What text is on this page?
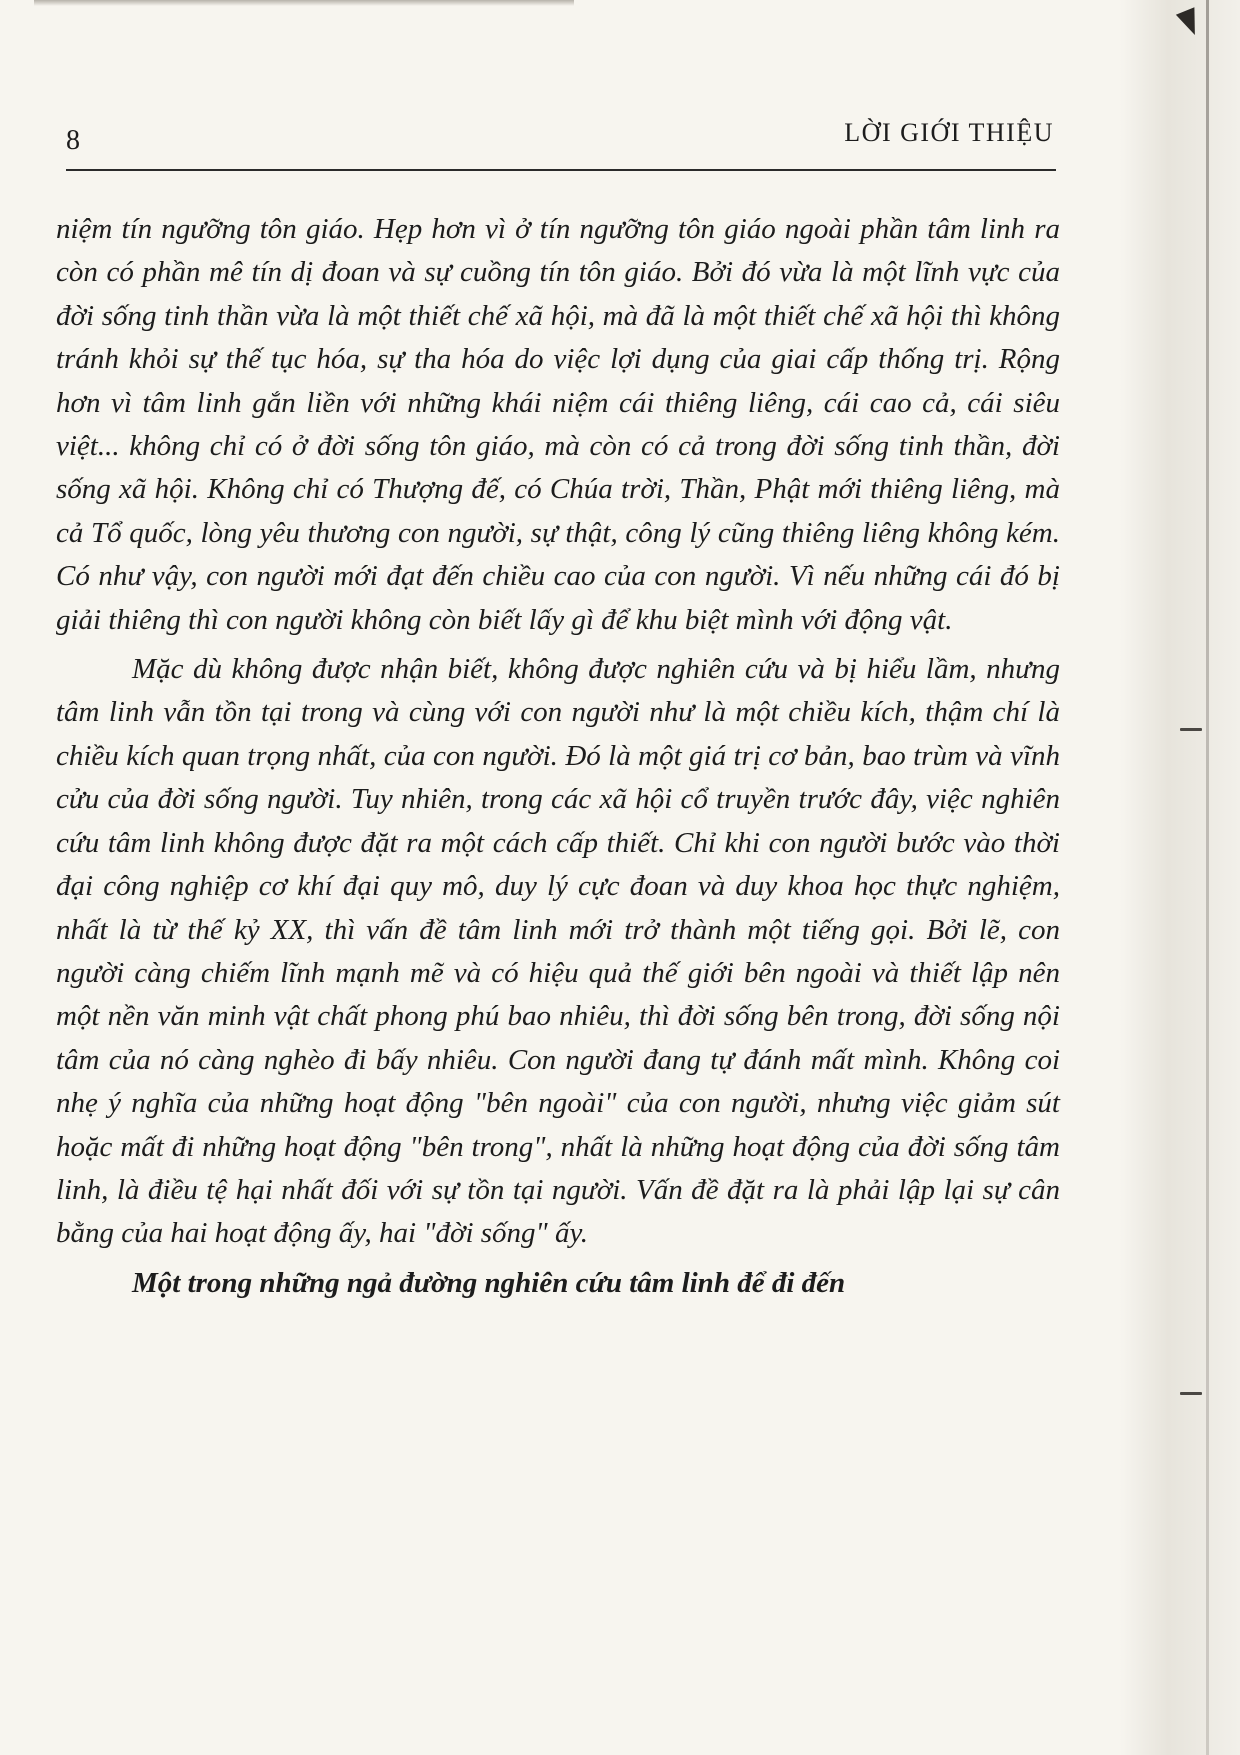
8	LỜI GIỚI THIỆU

niệm tín ngưỡng tôn giáo. Hẹp hơn vì ở tín ngưỡng tôn giáo ngoài phần tâm linh ra còn có phần mê tín dị đoan và sự cuồng tín tôn giáo. Bởi đó vừa là một lĩnh vực của đời sống tinh thần vừa là một thiết chế xã hội, mà đã là một thiết chế xã hội thì không tránh khỏi sự thế tục hóa, sự tha hóa do việc lợi dụng của giai cấp thống trị. Rộng hơn vì tâm linh gắn liền với những khái niệm cái thiêng liêng, cái cao cả, cái siêu việt... không chỉ có ở đời sống tôn giáo, mà còn có cả trong đời sống tinh thần, đời sống xã hội. Không chỉ có Thượng đế, có Chúa trời, Thần, Phật mới thiêng liêng, mà cả Tổ quốc, lòng yêu thương con người, sự thật, công lý cũng thiêng liêng không kém. Có như vậy, con người mới đạt đến chiều cao của con người. Vì nếu những cái đó bị giải thiêng thì con người không còn biết lấy gì để khu biệt mình với động vật.

Mặc dù không được nhận biết, không được nghiên cứu và bị hiểu lầm, nhưng tâm linh vẫn tồn tại trong và cùng với con người như là một chiều kích, thậm chí là chiều kích quan trọng nhất, của con người. Đó là một giá trị cơ bản, bao trùm và vĩnh cửu của đời sống người. Tuy nhiên, trong các xã hội cổ truyền trước đây, việc nghiên cứu tâm linh không được đặt ra một cách cấp thiết. Chỉ khi con người bước vào thời đại công nghiệp cơ khí đại quy mô, duy lý cực đoan và duy khoa học thực nghiệm, nhất là từ thế kỷ XX, thì vấn đề tâm linh mới trở thành một tiếng gọi. Bởi lẽ, con người càng chiếm lĩnh mạnh mẽ và có hiệu quả thế giới bên ngoài và thiết lập nên một nền văn minh vật chất phong phú bao nhiêu, thì đời sống bên trong, đời sống nội tâm của nó càng nghèo đi bấy nhiêu. Con người đang tự đánh mất mình. Không coi nhẹ ý nghĩa của những hoạt động "bên ngoài" của con người, nhưng việc giảm sút hoặc mất đi những hoạt động "bên trong", nhất là những hoạt động của đời sống tâm linh, là điều tệ hại nhất đối với sự tồn tại người. Vấn đề đặt ra là phải lập lại sự cân bằng của hai hoạt động ấy, hai "đời sống" ấy.

Một trong những ngả đường nghiên cứu tâm linh để đi đến
